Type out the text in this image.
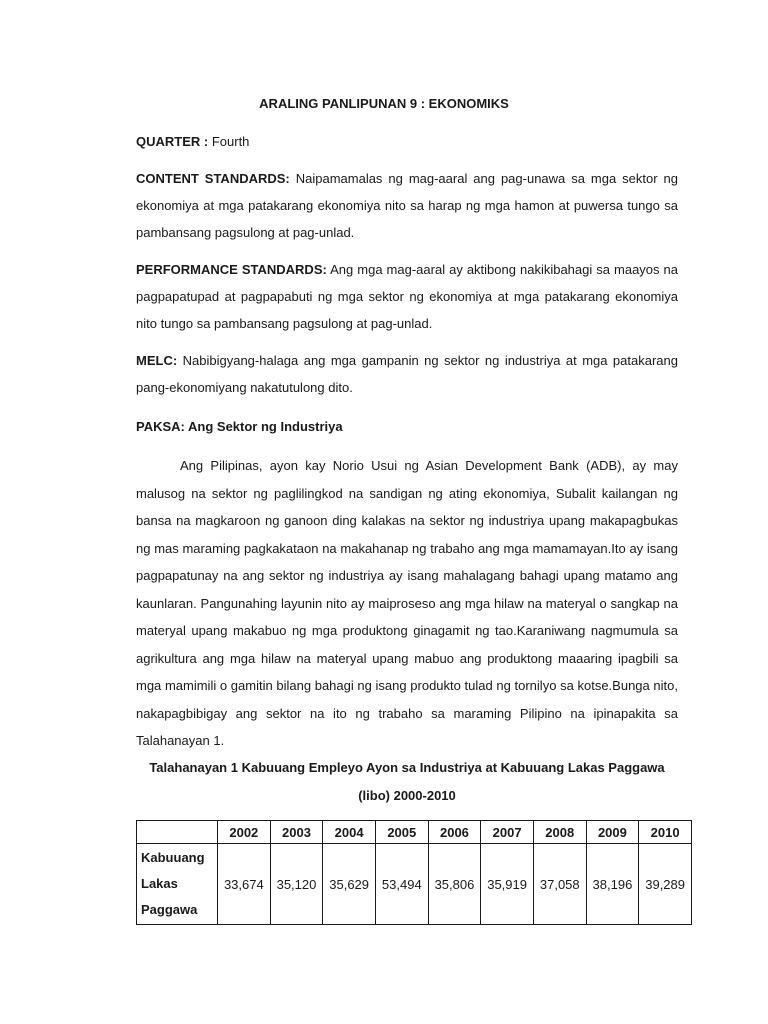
ARALING PANLIPUNAN 9 : EKONOMIKS
QUARTER : Fourth
CONTENT STANDARDS: Naipamamalas ng mag-aaral ang pag-unawa sa mga sektor ng ekonomiya at mga patakarang ekonomiya nito sa harap ng mga hamon at puwersa tungo sa pambansang pagsulong at pag-unlad.
PERFORMANCE STANDARDS: Ang mga mag-aaral ay aktibong nakikibahagi sa maayos na pagpapatupad at pagpapabuti ng mga sektor ng ekonomiya at mga patakarang ekonomiya nito tungo sa pambansang pagsulong at pag-unlad.
MELC: Nabibigyang-halaga ang mga gampanin ng sektor ng industriya at mga patakarang pang-ekonomiyang nakatutulong dito.
PAKSA: Ang Sektor ng Industriya
Ang Pilipinas, ayon kay Norio Usui ng Asian Development Bank (ADB), ay may malusog na sektor ng paglilingkod na sandigan ng ating ekonomiya, Subalit kailangan ng bansa na magkaroon ng ganoon ding kalakas na sektor ng industriya upang makapagbukas ng mas maraming pagkakataon na makahanap ng trabaho ang mga mamamayan.Ito ay isang pagpapatunay na ang sektor ng industriya ay isang mahalagang bahagi upang matamo ang kaunlaran. Pangunahing layunin nito ay maiproseso ang mga hilaw na materyal o sangkap na materyal upang makabuo ng mga produktong ginagamit ng tao.Karaniwang nagmumula sa agrikultura ang mga hilaw na materyal upang mabuo ang produktong maaaring ipagbili sa mga mamimili o gamitin bilang bahagi ng isang produkto tulad ng tornilyo sa kotse.Bunga nito, nakapagbibigay ang sektor na ito ng trabaho sa maraming Pilipino na ipinapakita sa Talahanayan 1.
Talahanayan 1 Kabuuang Empleyo Ayon sa Industriya at Kabuuang Lakas Paggawa
(libo) 2000-2010
	2002	2003	2004	2005	2006	2007	2008	2009	2010

Kabuuang
Lakas
Paggawa	33,674	35,120	35,629	53,494	35,806	35,919	37,058	38,196	39,289
